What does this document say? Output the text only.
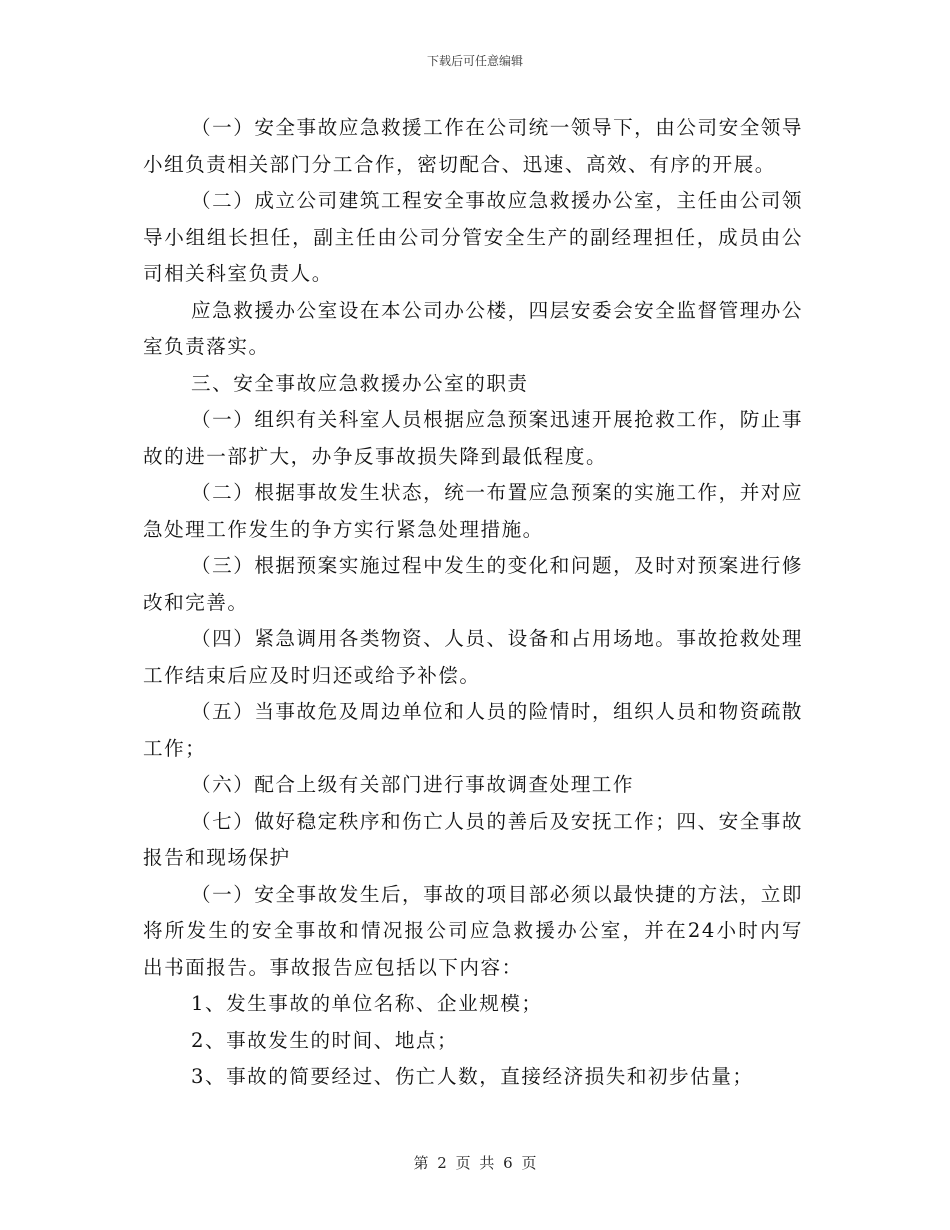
下载后可任意编辑

（一）安全事故应急救援工作在公司统一领导下，由公司安全领导小组负责相关部门分工合作，密切配合、迅速、高效、有序的开展。

（二）成立公司建筑工程安全事故应急救援办公室，主任由公司领导小组组长担任，副主任由公司分管安全生产的副经理担任，成员由公司相关科室负责人。

应急救援办公室设在本公司办公楼，四层安委会安全监督管理办公室负责落实。

三、安全事故应急救援办公室的职责

（一）组织有关科室人员根据应急预案迅速开展抢救工作，防止事故的进一部扩大，办争反事故损失降到最低程度。

（二）根据事故发生状态，统一布置应急预案的实施工作，并对应急处理工作发生的争方实行紧急处理措施。

（三）根据预案实施过程中发生的变化和问题，及时对预案进行修改和完善。

（四）紧急调用各类物资、人员、设备和占用场地。事故抢救处理工作结束后应及时归还或给予补偿。

（五）当事故危及周边单位和人员的险情时，组织人员和物资疏散工作；

（六）配合上级有关部门进行事故调查处理工作

（七）做好稳定秩序和伤亡人员的善后及安抚工作；四、安全事故报告和现场保护

（一）安全事故发生后，事故的项目部必须以最快捷的方法，立即将所发生的安全事故和情况报公司应急救援办公室，并在24小时内写出书面报告。事故报告应包括以下内容：

1、发生事故的单位名称、企业规模；

2、事故发生的时间、地点；

3、事故的简要经过、伤亡人数，直接经济损失和初步估量；

第 2 页 共 6 页
